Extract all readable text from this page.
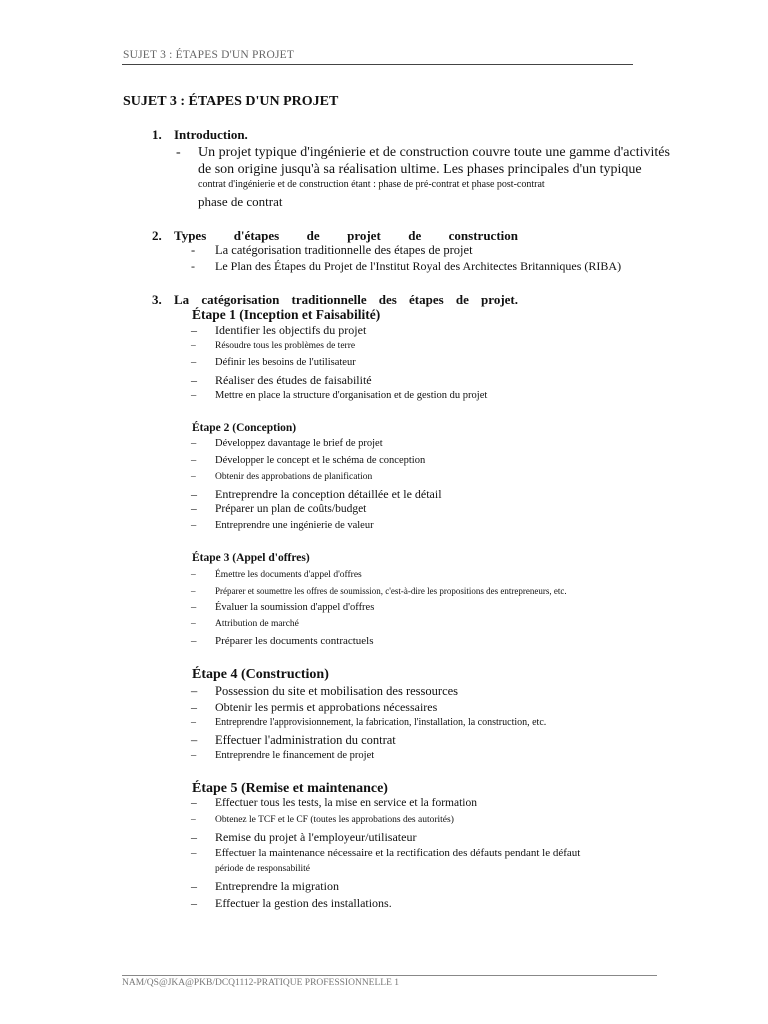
SUJET 3 : ÉTAPES D'UN PROJET
SUJET 3 : ÉTAPES D'UN PROJET
1. Introduction.
- Un projet typique d'ingénierie et de construction couvre toute une gamme d'activités
de son origine jusqu'à sa réalisation ultime. Les phases principales d'un typique
contrat d'ingénierie et de construction étant : phase de pré-contrat et phase post-contrat
phase de contrat
2. Types d'étapes de projet de construction
- La catégorisation traditionnelle des étapes de projet
- Le Plan des Étapes du Projet de l'Institut Royal des Architectes Britanniques (RIBA)
3. La catégorisation traditionnelle des étapes de projet.
Étape 1 (Inception et Faisabilité)
– Identifier les objectifs du projet
– Résoudre tous les problèmes de terre
– Définir les besoins de l'utilisateur
– Réaliser des études de faisabilité
– Mettre en place la structure d'organisation et de gestion du projet
Étape 2 (Conception)
– Développez davantage le brief de projet
– Développer le concept et le schéma de conception
– Obtenir des approbations de planification
– Entreprendre la conception détaillée et le détail
– Préparer un plan de coûts/budget
– Entreprendre une ingénierie de valeur
Étape 3 (Appel d'offres)
– Émettre les documents d'appel d'offres
– Préparer et soumettre les offres de soumission, c'est-à-dire les propositions des entrepreneurs, etc.
– Évaluer la soumission d'appel d'offres
– Attribution de marché
– Préparer les documents contractuels
Étape 4 (Construction)
– Possession du site et mobilisation des ressources
– Obtenir les permis et approbations nécessaires
– Entreprendre l'approvisionnement, la fabrication, l'installation, la construction, etc.
– Effectuer l'administration du contrat
– Entreprendre le financement de projet
Étape 5 (Remise et maintenance)
– Effectuer tous les tests, la mise en service et la formation
– Obtenez le TCF et le CF (toutes les approbations des autorités)
– Remise du projet à l'employeur/utilisateur
– Effectuer la maintenance nécessaire et la rectification des défauts pendant le défaut
période de responsabilité
– Entreprendre la migration
– Effectuer la gestion des installations.
NAM/QS@JKA@PKB/DCQ1112-PRATIQUE PROFESSIONNELLE 1
